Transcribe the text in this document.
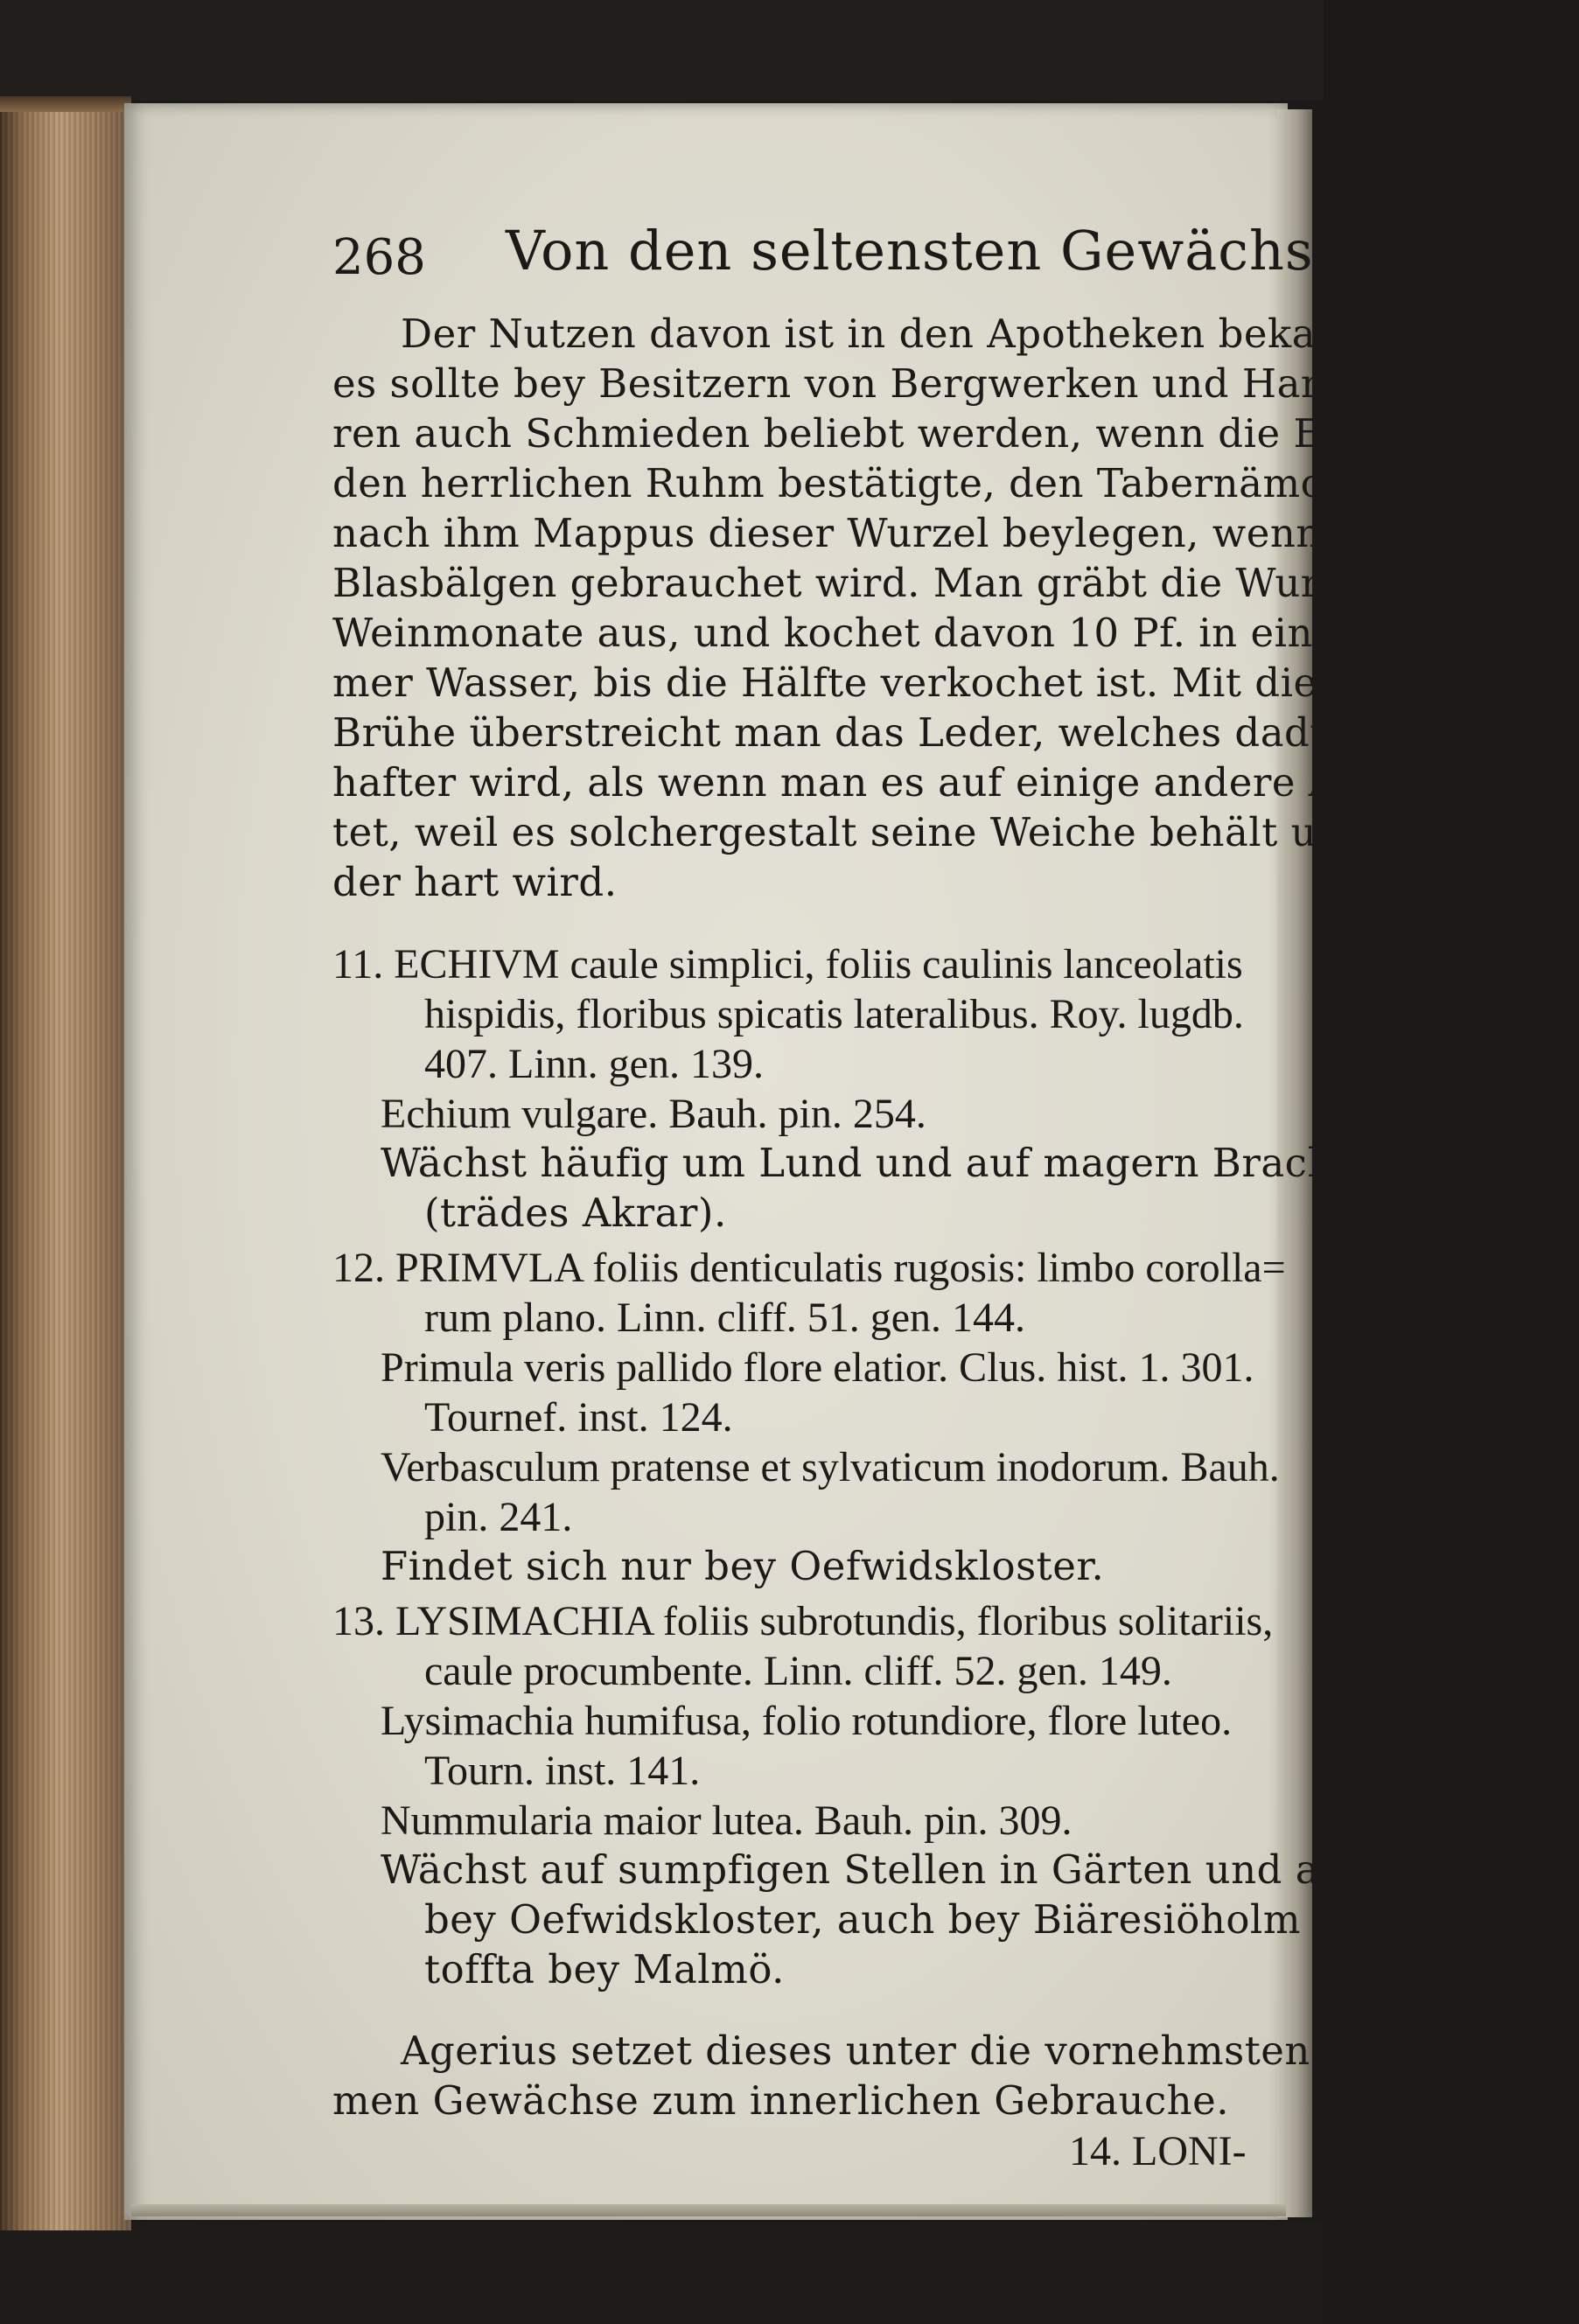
268 Von den seltensten Gewächsen
Der Nutzen davon ist in den Apotheken bekannt, und
es sollte bey Besitzern von Bergwerken und Hammerher=
ren auch Schmieden beliebt werden, wenn die Erfahrung
den herrlichen Ruhm bestätigte, den Tabernämontan und
nach ihm Mappus dieser Wurzel beylegen, wenn sie bey
Blasbälgen gebrauchet wird. Man gräbt die Wurzel im
Weinmonate aus, und kochet davon 10 Pf. in einem Ey=
mer Wasser, bis die Hälfte verkochet ist. Mit dieser
Brühe überstreicht man das Leder, welches dadurch dauer=
hafter wird, als wenn man es auf einige andere Art zuberei=
tet, weil es solchergestalt seine Weiche behält und nie wie=
der hart wird.
11. ECHIVM caule simplici, foliis caulinis lanceolatis
hispidis, floribus spicatis lateralibus. Roy. lugdb.
407. Linn. gen. 139.
Echium vulgare. Bauh. pin. 254.
Wächst häufig um Lund und auf magern Brachfeldern
(trädes Akrar).
12. PRIMVLA foliis denticulatis rugosis: limbo corolla=
rum plano. Linn. cliff. 51. gen. 144.
Primula veris pallido flore elatior. Clus. hist. 1. 301.
Tournef. inst. 124.
Verbasculum pratense et sylvaticum inodorum. Bauh.
pin. 241.
Findet sich nur bey Oefwidskloster.
13. LYSIMACHIA foliis subrotundis, floribus solitariis,
caule procumbente. Linn. cliff. 52. gen. 149.
Lysimachia humifusa, folio rotundiore, flore luteo.
Tourn. inst. 141.
Nummularia maior lutea. Bauh. pin. 309.
Wächst auf sumpfigen Stellen in Gärten und anderswo
bey Oefwidskloster, auch bey Biäresiöholm und Ball=
toffta bey Malmö.
Agerius setzet dieses unter die vornehmsten sehr heilsa=
men Gewächse zum innerlichen Gebrauche.
14. LONI-
